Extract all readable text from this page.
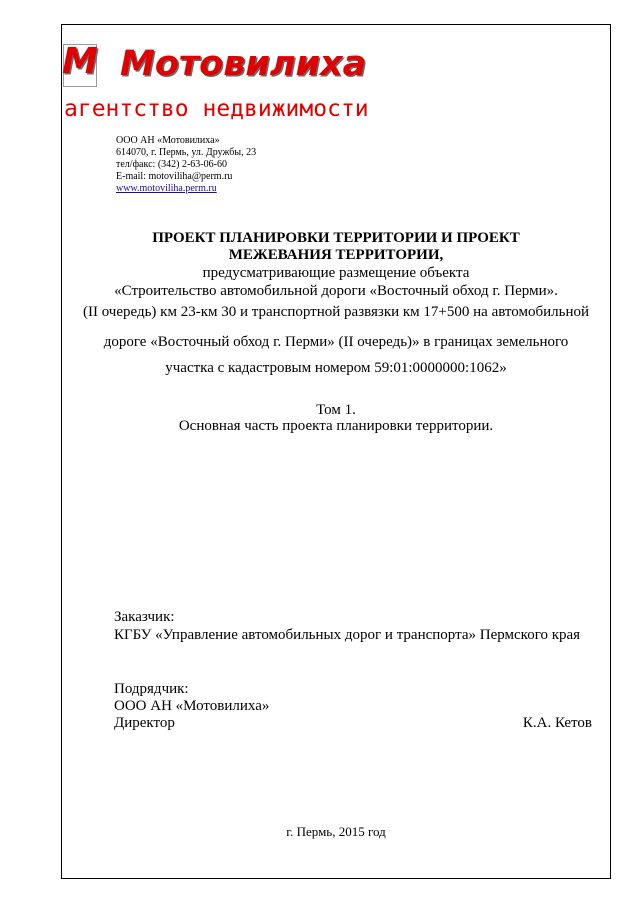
М Мотовилиха
агентство недвижимости
ООО АН «Мотовилиха»
614070, г. Пермь, ул. Дружбы, 23
тел/факс: (342) 2-63-06-60
E-mail: motoviliha@perm.ru
www.motoviliha.perm.ru
ПРОЕКТ ПЛАНИРОВКИ ТЕРРИТОРИИ И ПРОЕКТ
МЕЖЕВАНИЯ ТЕРРИТОРИИ,
предусматривающие размещение объекта
«Строительство автомобильной дороги «Восточный обход г. Перми».
(II очередь) км 23-км 30 и транспортной развязки км 17+500 на автомобильной
дороге «Восточный обход г. Перми» (II очередь)» в границах земельного
участка с кадастровым номером 59:01:0000000:1062»
Том 1.
Основная часть проекта планировки территории.
Заказчик:
КГБУ «Управление автомобильных дорог и транспорта» Пермского края
Подрядчик:
ООО АН «Мотовилиха»
Директор	К.А. Кетов
г. Пермь, 2015 год
